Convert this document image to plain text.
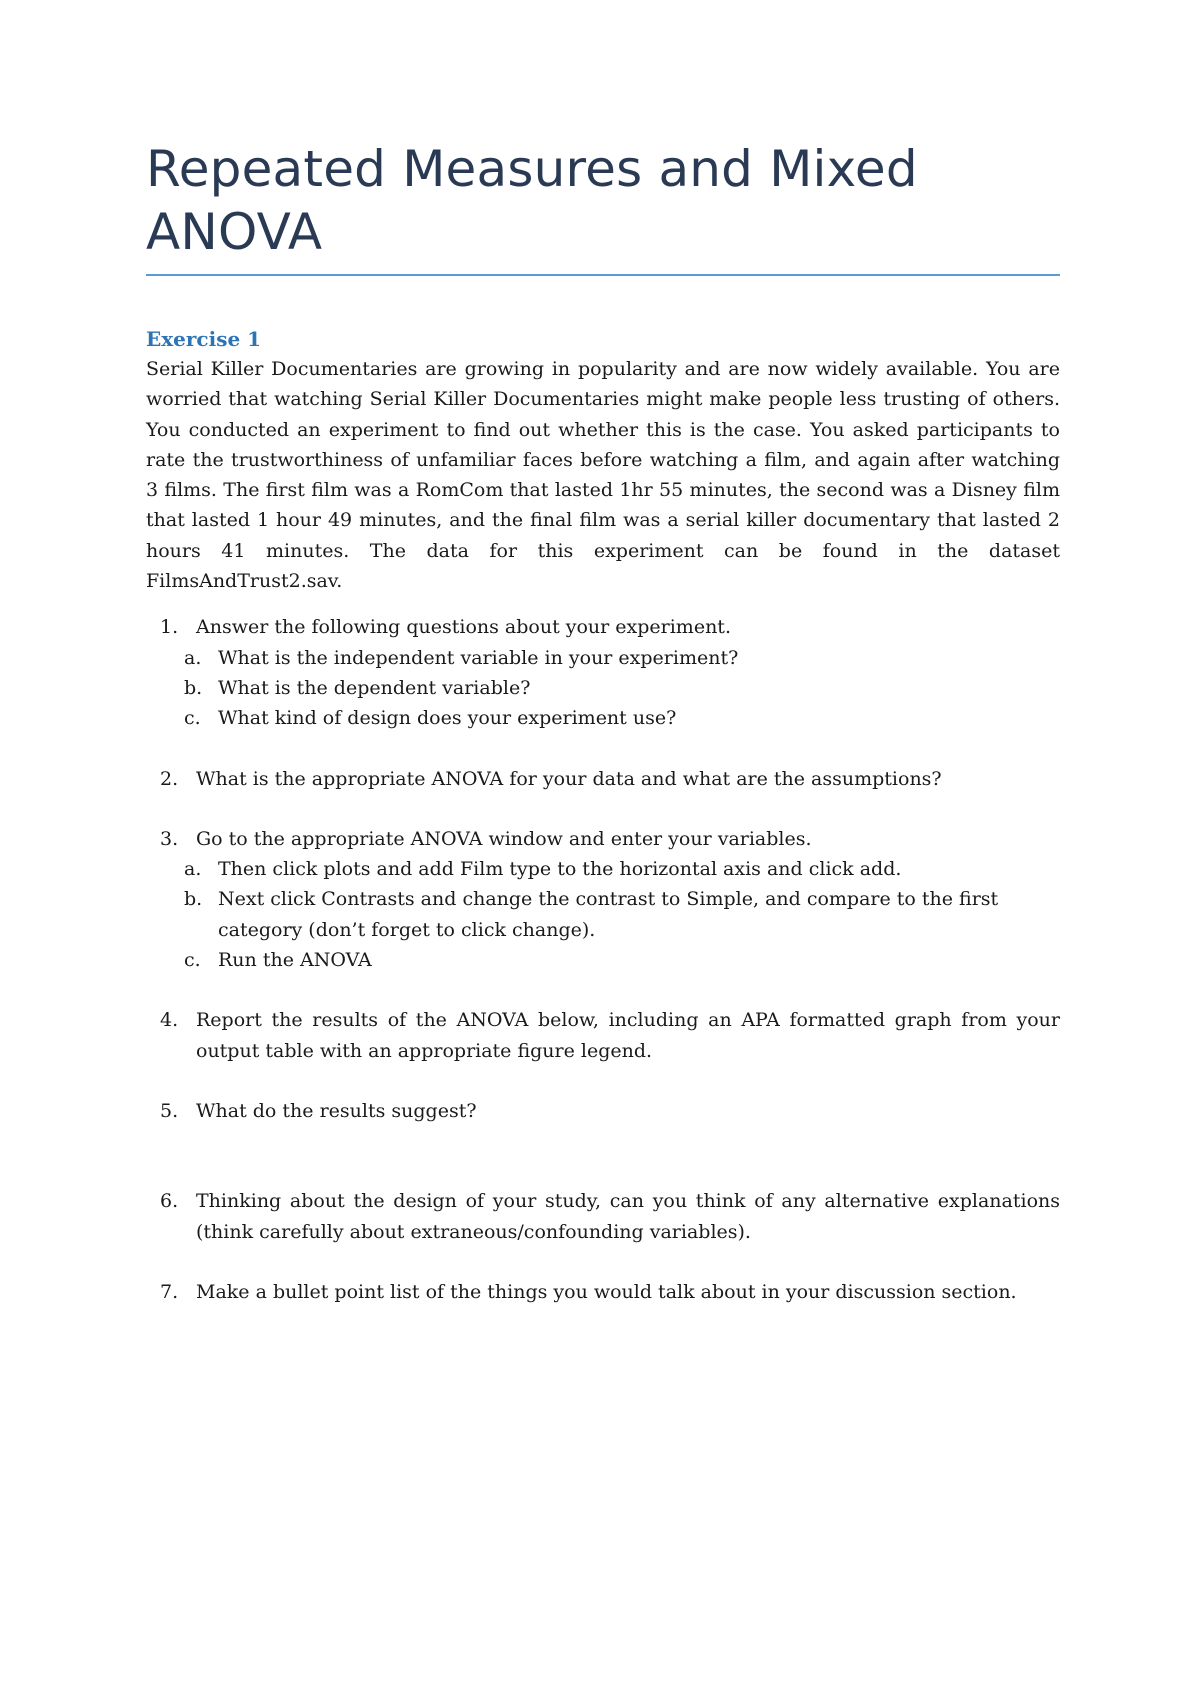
Repeated Measures and Mixed ANOVA
Exercise 1

Serial Killer Documentaries are growing in popularity and are now widely available. You are worried that watching Serial Killer Documentaries might make people less trusting of others. You conducted an experiment to find out whether this is the case. You asked participants to rate the trustworthiness of unfamiliar faces before watching a film, and again after watching 3 films. The first film was a RomCom that lasted 1hr 55 minutes, the second was a Disney film that lasted 1 hour 49 minutes, and the final film was a serial killer documentary that lasted 2 hours 41 minutes. The data for this experiment can be found in the dataset FilmsAndTrust2.sav.

1. Answer the following questions about your experiment.
a. What is the independent variable in your experiment?
b. What is the dependent variable?
c. What kind of design does your experiment use?
2. What is the appropriate ANOVA for your data and what are the assumptions?
3. Go to the appropriate ANOVA window and enter your variables.
a. Then click plots and add Film type to the horizontal axis and click add.
b. Next click Contrasts and change the contrast to Simple, and compare to the first category (don’t forget to click change).
c. Run the ANOVA
4. Report the results of the ANOVA below, including an APA formatted graph from your output table with an appropriate figure legend.
5. What do the results suggest?
6. Thinking about the design of your study, can you think of any alternative explanations (think carefully about extraneous/confounding variables).
7. Make a bullet point list of the things you would talk about in your discussion section.
